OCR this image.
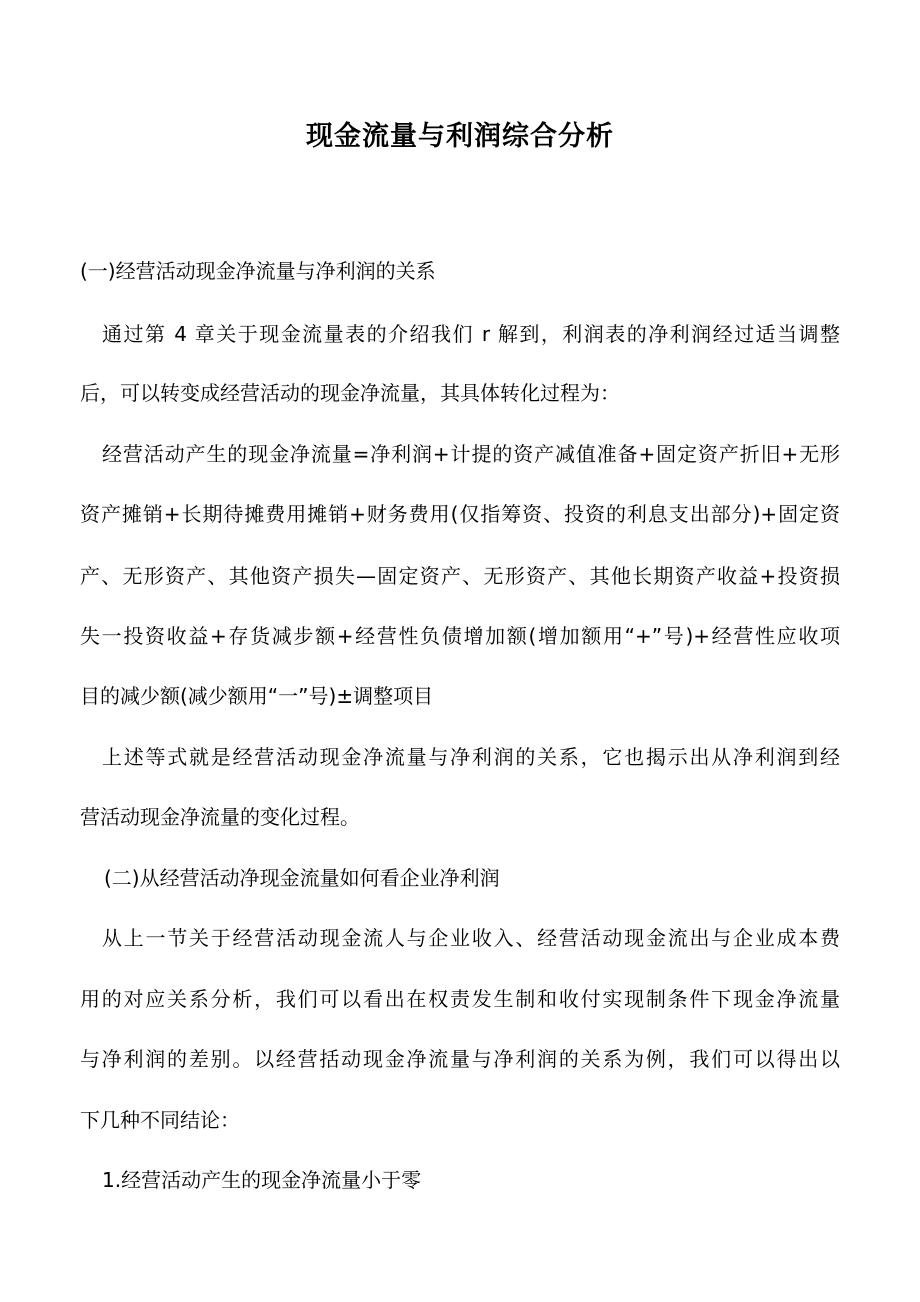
现金流量与利润综合分析
(一)经营活动现金净流量与净利润的关系
通过第 4 章关于现金流量表的介绍我们 r 解到，利润表的净利润经过适当调整
后，可以转变成经营活动的现金净流量，其具体转化过程为：
经营活动产生的现金净流量=净利润+计提的资产减值准备+固定资产折旧+无形
资产摊销+长期待摊费用摊销+财务费用(仅指筹资、投资的利息支出部分)+固定资
产、无形资产、其他资产损失—固定资产、无形资产、其他长期资产收益+投资损
失一投资收益+存货减步额+经营性负债增加额(增加额用“+”号)+经营性应收项
目的减少额(减少额用“一”号)±调整项目
上述等式就是经营活动现金净流量与净利润的关系，它也揭示出从净利润到经
营活动现金净流量的变化过程。
(二)从经营活动净现金流量如何看企业净利润
从上一节关于经营活动现金流人与企业收入、经营活动现金流出与企业成本费
用的对应关系分析，我们可以看出在权责发生制和收付实现制条件下现金净流量
与净利润的差别。以经营括动现金净流量与净利润的关系为例，我们可以得出以
下几种不同结论：
1.经营活动产生的现金净流量小于零
